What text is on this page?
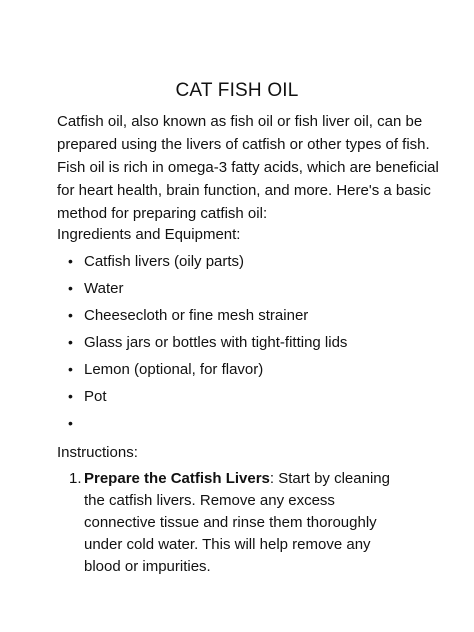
CAT FISH OIL
Catfish oil, also known as fish oil or fish liver oil, can be prepared using the livers of catfish or other types of fish. Fish oil is rich in omega-3 fatty acids, which are beneficial for heart health, brain function, and more. Here's a basic method for preparing catfish oil:
Ingredients and Equipment:
• Catfish livers (oily parts)
• Water
• Cheesecloth or fine mesh strainer
• Glass jars or bottles with tight-fitting lids
• Lemon (optional, for flavor)
• Pot
•
Instructions:
1. Prepare the Catfish Livers: Start by cleaning the catfish livers. Remove any excess connective tissue and rinse them thoroughly under cold water. This will help remove any blood or impurities.
